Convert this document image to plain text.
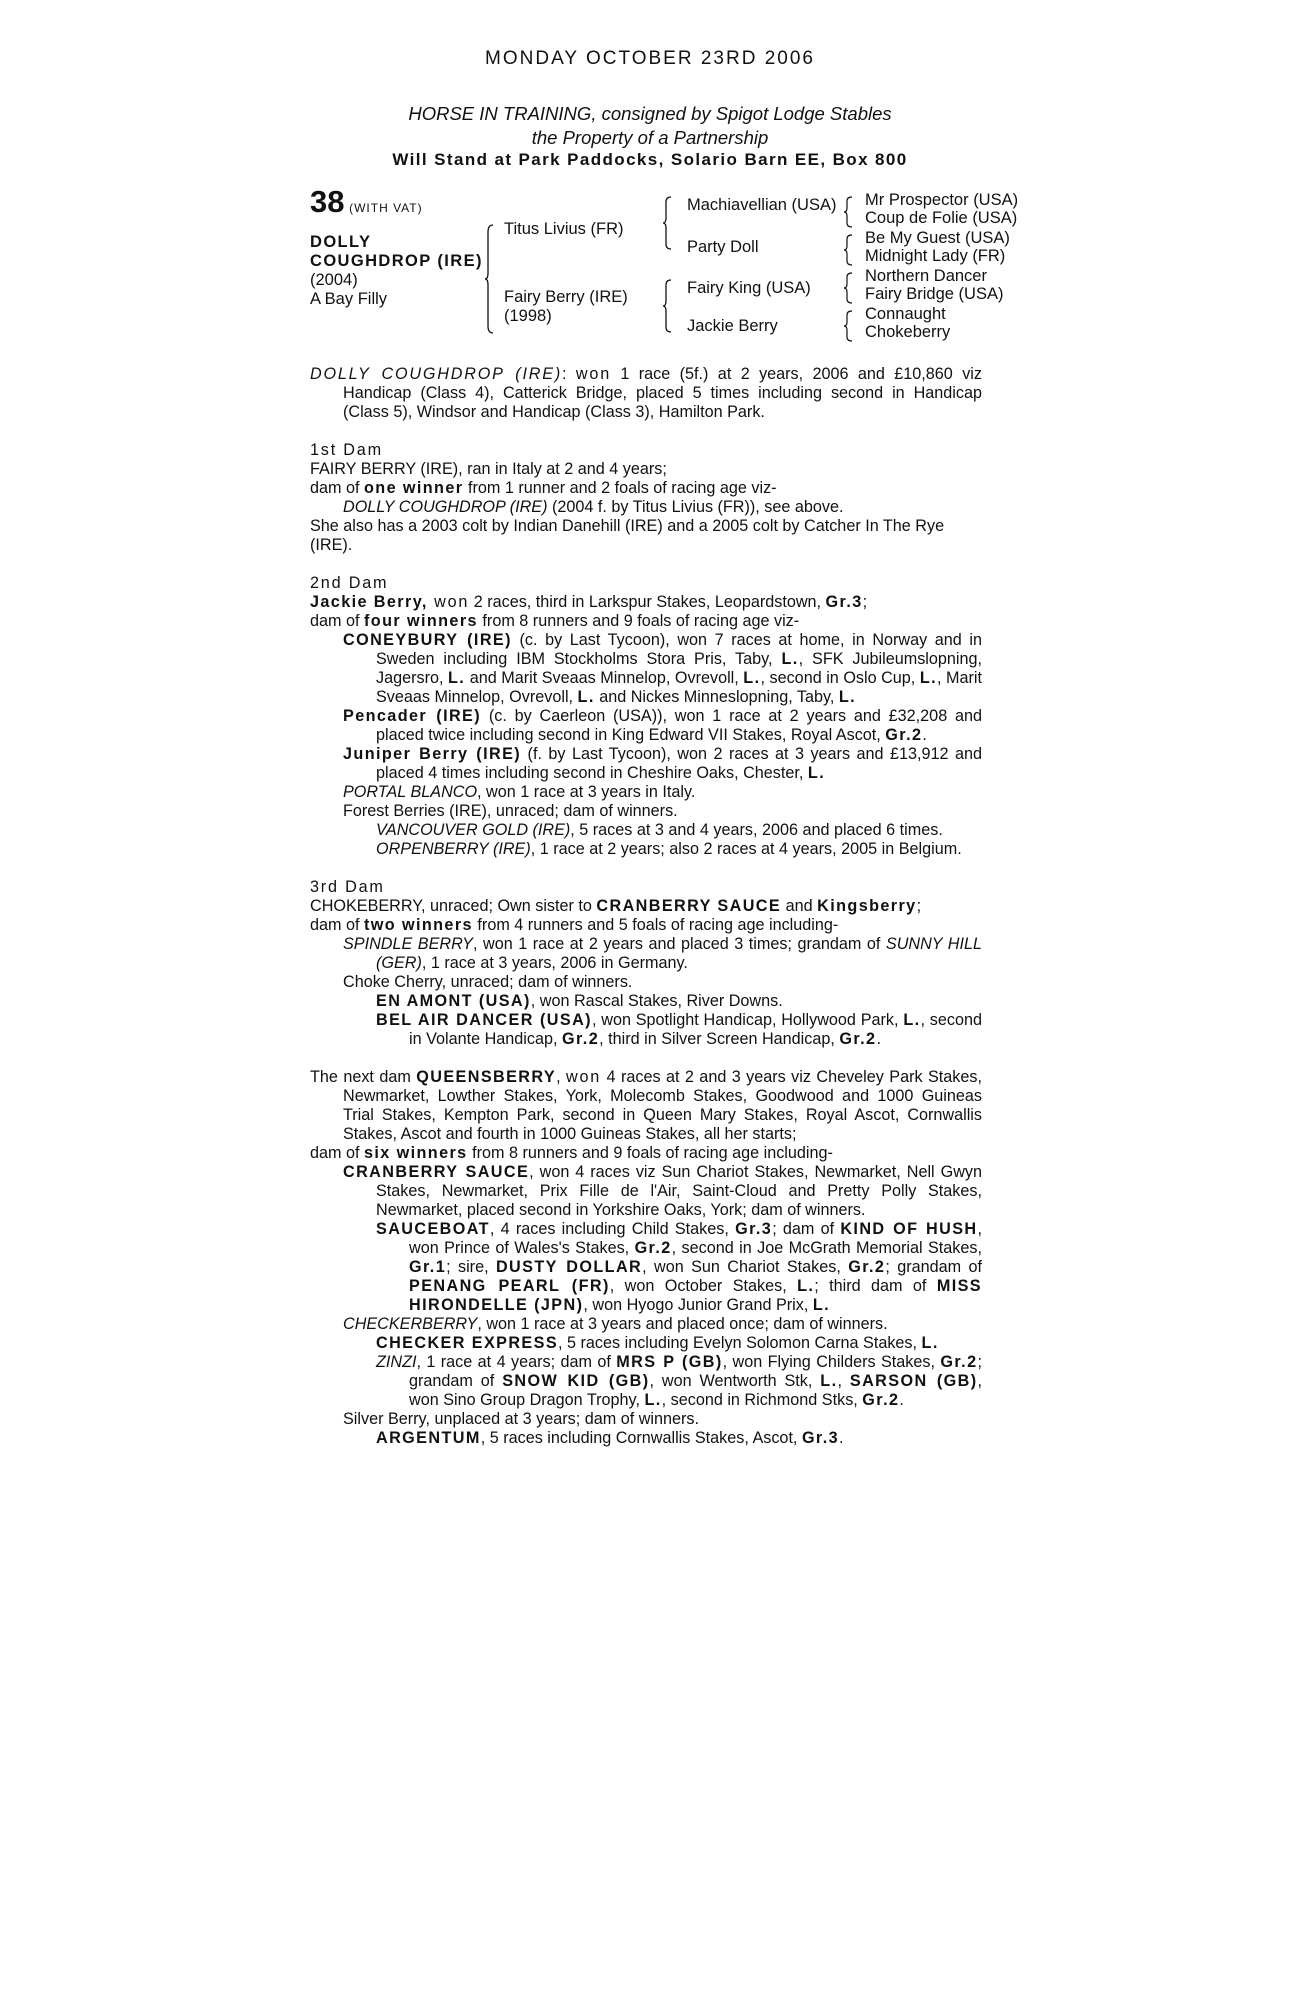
MONDAY OCTOBER 23RD 2006
HORSE IN TRAINING, consigned by Spigot Lodge Stables
the Property of a Partnership
Will Stand at Park Paddocks, Solario Barn EE, Box 800
38 (WITH VAT)
DOLLY
COUGHDROP (IRE)
(2004)
A Bay Filly
Titus Livius (FR)
Fairy Berry (IRE)
(1998)
Machiavellian (USA)
Party Doll
Fairy King (USA)
Jackie Berry
Mr Prospector (USA)
Coup de Folie (USA)
Be My Guest (USA)
Midnight Lady (FR)
Northern Dancer
Fairy Bridge (USA)
Connaught
Chokeberry

DOLLY COUGHDROP (IRE): won 1 race (5f.) at 2 years, 2006 and £10,860 viz Handicap (Class 4), Catterick Bridge, placed 5 times including second in Handicap (Class 5), Windsor and Handicap (Class 3), Hamilton Park.

1st Dam

FAIRY BERRY (IRE), ran in Italy at 2 and 4 years;

dam of one winner from 1 runner and 2 foals of racing age viz-

DOLLY COUGHDROP (IRE) (2004 f. by Titus Livius (FR)), see above.

She also has a 2003 colt by Indian Danehill (IRE) and a 2005 colt by Catcher In The Rye (IRE).

2nd Dam

Jackie Berry, won 2 races, third in Larkspur Stakes, Leopardstown, Gr.3;

dam of four winners from 8 runners and 9 foals of racing age viz-

CONEYBURY (IRE) (c. by Last Tycoon), won 7 races at home, in Norway and in Sweden including IBM Stockholms Stora Pris, Taby, L., SFK Jubileumslopning, Jagersro, L. and Marit Sveaas Minnelop, Ovrevoll, L., second in Oslo Cup, L., Marit Sveaas Minnelop, Ovrevoll, L. and Nickes Minneslopning, Taby, L.

Pencader (IRE) (c. by Caerleon (USA)), won 1 race at 2 years and £32,208 and placed twice including second in King Edward VII Stakes, Royal Ascot, Gr.2.

Juniper Berry (IRE) (f. by Last Tycoon), won 2 races at 3 years and £13,912 and placed 4 times including second in Cheshire Oaks, Chester, L.

PORTAL BLANCO, won 1 race at 3 years in Italy.

Forest Berries (IRE), unraced; dam of winners.

VANCOUVER GOLD (IRE), 5 races at 3 and 4 years, 2006 and placed 6 times.

ORPENBERRY (IRE), 1 race at 2 years; also 2 races at 4 years, 2005 in Belgium.

3rd Dam

CHOKEBERRY, unraced; Own sister to CRANBERRY SAUCE and Kingsberry;

dam of two winners from 4 runners and 5 foals of racing age including-

SPINDLE BERRY, won 1 race at 2 years and placed 3 times; grandam of SUNNY HILL (GER), 1 race at 3 years, 2006 in Germany.

Choke Cherry, unraced; dam of winners.

EN AMONT (USA), won Rascal Stakes, River Downs.

BEL AIR DANCER (USA), won Spotlight Handicap, Hollywood Park, L., second in Volante Handicap, Gr.2, third in Silver Screen Handicap, Gr.2.

The next dam QUEENSBERRY, won 4 races at 2 and 3 years viz Cheveley Park Stakes, Newmarket, Lowther Stakes, York, Molecomb Stakes, Goodwood and 1000 Guineas Trial Stakes, Kempton Park, second in Queen Mary Stakes, Royal Ascot, Cornwallis Stakes, Ascot and fourth in 1000 Guineas Stakes, all her starts;

dam of six winners from 8 runners and 9 foals of racing age including-

CRANBERRY SAUCE, won 4 races viz Sun Chariot Stakes, Newmarket, Nell Gwyn Stakes, Newmarket, Prix Fille de l'Air, Saint-Cloud and Pretty Polly Stakes, Newmarket, placed second in Yorkshire Oaks, York; dam of winners.

SAUCEBOAT, 4 races including Child Stakes, Gr.3; dam of KIND OF HUSH, won Prince of Wales's Stakes, Gr.2, second in Joe McGrath Memorial Stakes, Gr.1; sire, DUSTY DOLLAR, won Sun Chariot Stakes, Gr.2; grandam of PENANG PEARL (FR), won October Stakes, L.; third dam of MISS HIRONDELLE (JPN), won Hyogo Junior Grand Prix, L.

CHECKERBERRY, won 1 race at 3 years and placed once; dam of winners.

CHECKER EXPRESS, 5 races including Evelyn Solomon Carna Stakes, L.

ZINZI, 1 race at 4 years; dam of MRS P (GB), won Flying Childers Stakes, Gr.2; grandam of SNOW KID (GB), won Wentworth Stk, L., SARSON (GB), won Sino Group Dragon Trophy, L., second in Richmond Stks, Gr.2.

Silver Berry, unplaced at 3 years; dam of winners.

ARGENTUM, 5 races including Cornwallis Stakes, Ascot, Gr.3.
